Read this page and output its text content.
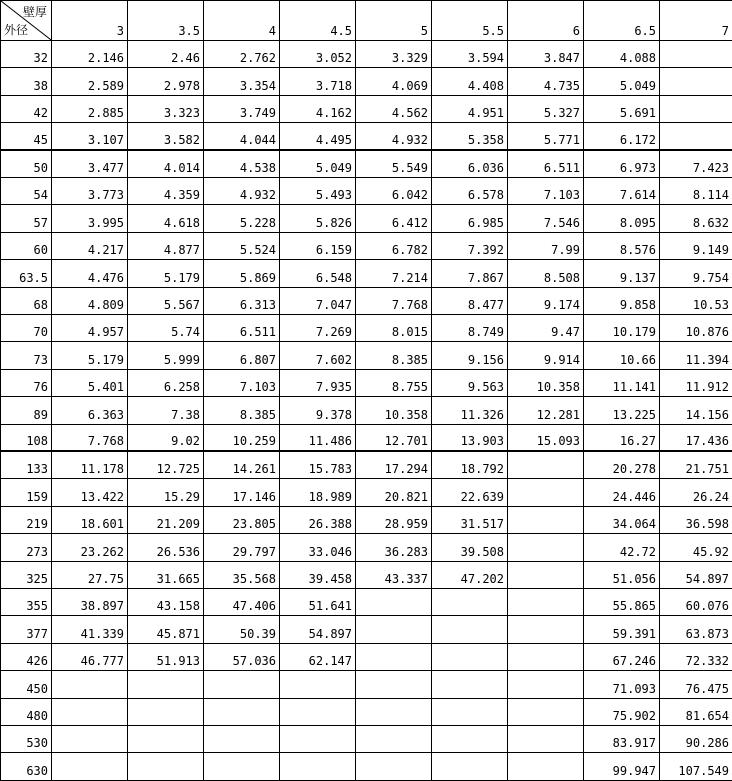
壁厚
外径	3	3.5	4	4.5	5	5.5	6	6.5	7
32	2.146	2.46	2.762	3.052	3.329	3.594	3.847	4.088	
38	2.589	2.978	3.354	3.718	4.069	4.408	4.735	5.049	
42	2.885	3.323	3.749	4.162	4.562	4.951	5.327	5.691	
45	3.107	3.582	4.044	4.495	4.932	5.358	5.771	6.172	
50	3.477	4.014	4.538	5.049	5.549	6.036	6.511	6.973	7.423
54	3.773	4.359	4.932	5.493	6.042	6.578	7.103	7.614	8.114
57	3.995	4.618	5.228	5.826	6.412	6.985	7.546	8.095	8.632
60	4.217	4.877	5.524	6.159	6.782	7.392	7.99	8.576	9.149
63.5	4.476	5.179	5.869	6.548	7.214	7.867	8.508	9.137	9.754
68	4.809	5.567	6.313	7.047	7.768	8.477	9.174	9.858	10.53
70	4.957	5.74	6.511	7.269	8.015	8.749	9.47	10.179	10.876
73	5.179	5.999	6.807	7.602	8.385	9.156	9.914	10.66	11.394
76	5.401	6.258	7.103	7.935	8.755	9.563	10.358	11.141	11.912
89	6.363	7.38	8.385	9.378	10.358	11.326	12.281	13.225	14.156
108	7.768	9.02	10.259	11.486	12.701	13.903	15.093	16.27	17.436
133	11.178	12.725	14.261	15.783	17.294	18.792		20.278	21.751
159	13.422	15.29	17.146	18.989	20.821	22.639		24.446	26.24
219	18.601	21.209	23.805	26.388	28.959	31.517		34.064	36.598
273	23.262	26.536	29.797	33.046	36.283	39.508		42.72	45.92
325	27.75	31.665	35.568	39.458	43.337	47.202		51.056	54.897
355	38.897	43.158	47.406	51.641				55.865	60.076
377	41.339	45.871	50.39	54.897				59.391	63.873
426	46.777	51.913	57.036	62.147				67.246	72.332
450								71.093	76.475
480								75.902	81.654
530								83.917	90.286
630								99.947	107.549
